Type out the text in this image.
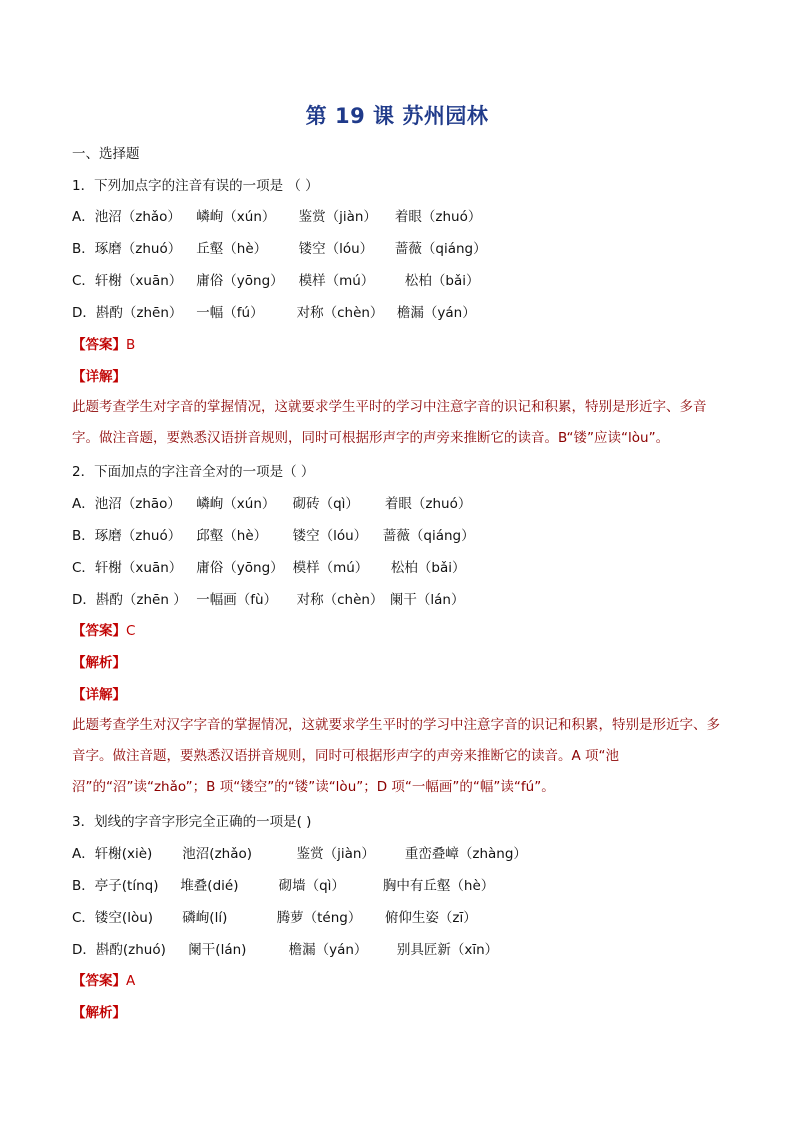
第 19 课 苏州园林
一、选择题
1．下列加点字的注音有误的一项是 （ ）
A．池沼（zhǎo） 嶙峋（xún） 鉴赏（jiàn） 着眼（zhuó）
B．琢磨（zhuó） 丘壑（hè） 镂空（lóu） 蔷薇（qiáng）
C．轩榭（xuān） 庸俗（yōng） 模样（mú） 松柏（bǎi）
D．斟酌（zhēn） 一幅（fú） 对称（chèn） 檐漏（yán）
【答案】B
【详解】
此题考查学生对字音的掌握情况，这就要求学生平时的学习中注意字音的识记和积累，特别是形近字、多音字。做注音题，要熟悉汉语拼音规则，同时可根据形声字的声旁来推断它的读音。B“镂”应读“lòu”。
2．下面加点的字注音全对的一项是（ ）
A．池沼（zhāo） 嶙峋（xún） 砌砖（qì） 着眼（zhuó）
B．琢磨（zhuó） 邱壑（hè） 镂空（lóu） 蔷薇（qiáng）
C．轩榭（xuān） 庸俗（yōng） 模样（mú） 松柏（bǎi）
D．斟酌（zhēn ） 一幅画（fù） 对称（chèn） 阑干（lán）
【答案】C
【解析】
【详解】
此题考查学生对汉字字音的掌握情况，这就要求学生平时的学习中注意字音的识记和积累，特别是形近字、多音字。做注音题，要熟悉汉语拼音规则，同时可根据形声字的声旁来推断它的读音。A 项“池沼”的“沼”读“zhǎo”；B 项“镂空”的“镂”读“lòu”；D 项“一幅画”的“幅”读“fú”。
3．划线的字音字形完全正确的一项是( )
A．轩榭(xiè) 池沼(zhǎo)	鉴赏（jiàn） 重峦叠嶂（zhàng）
B．亭子(tínq) 堆叠(dié)	砌墙（qì）	胸中有丘壑（hè）
C．镂空(lòu) 磷峋(lí)	腾萝（téng） 俯仰生姿（zī）
D．斟酌(zhuó) 阑干(lán)	檐漏（yán） 别具匠新（xīn）
【答案】A
【解析】
